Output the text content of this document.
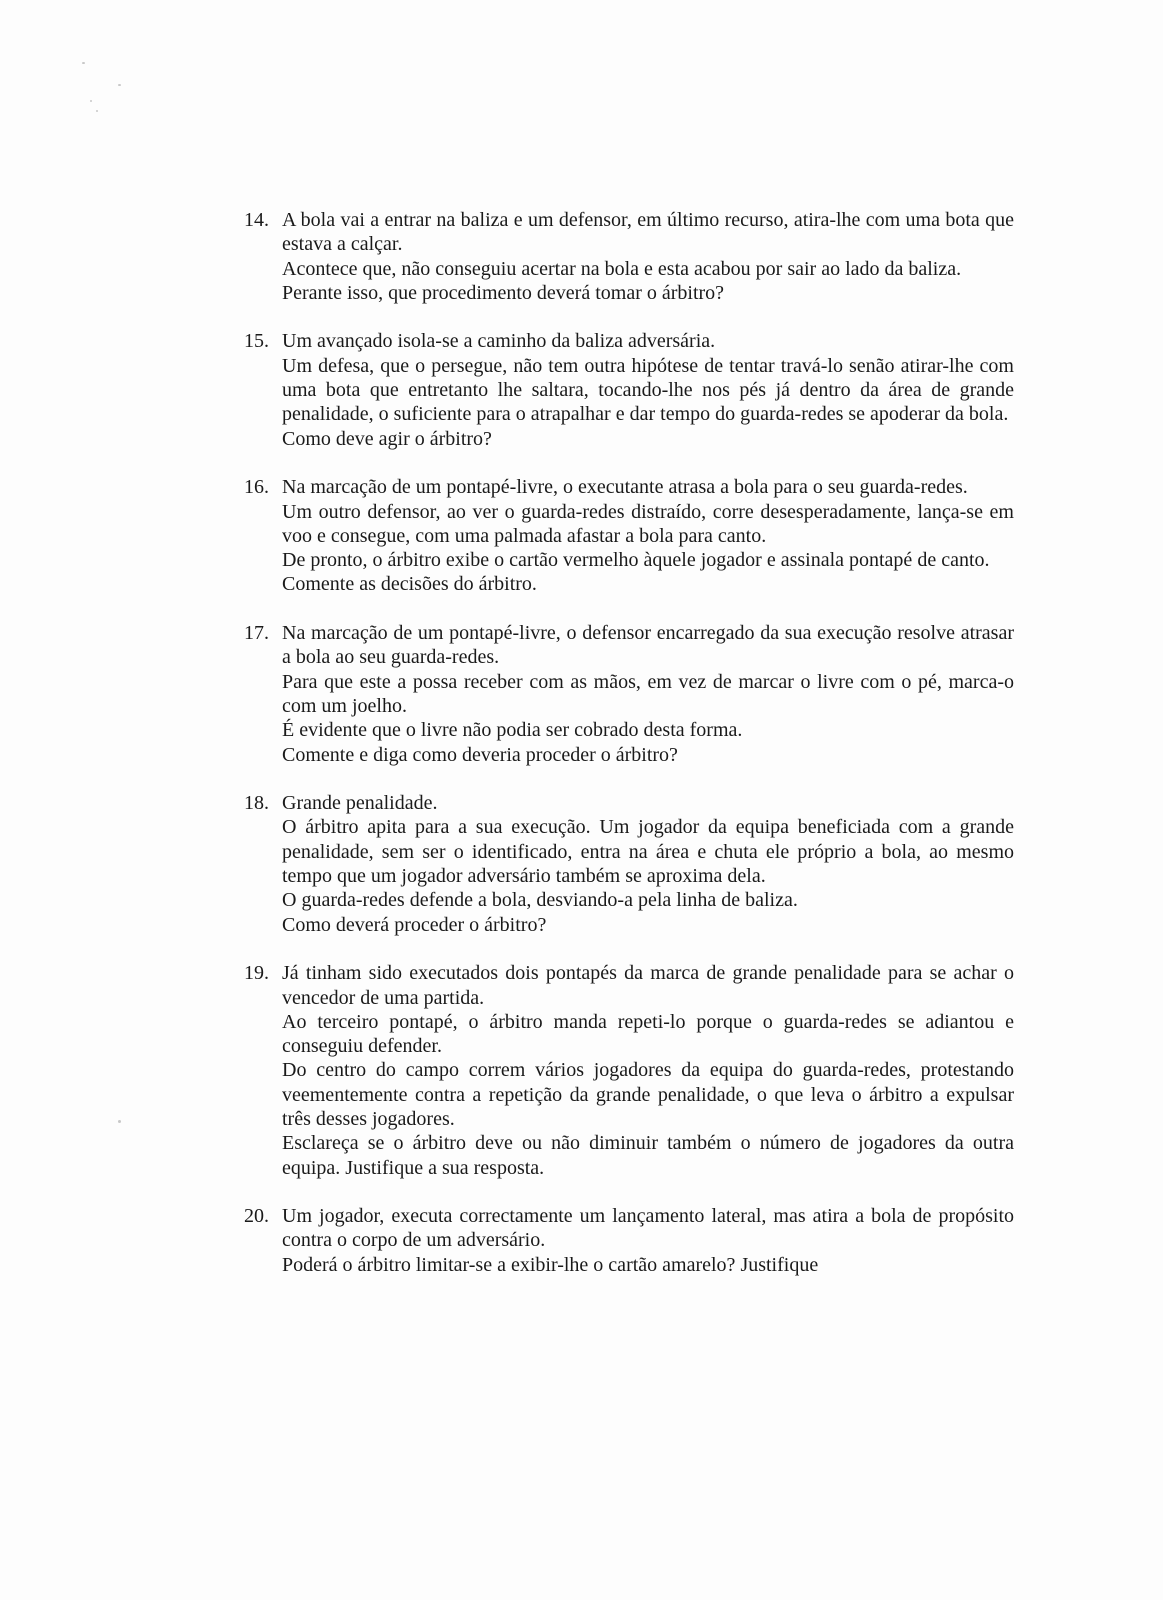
14. A bola vai a entrar na baliza e um defensor, em último recurso, atira-lhe com uma bota que estava a calçar.

Acontece que, não conseguiu acertar na bola e esta acabou por sair ao lado da baliza.

Perante isso, que procedimento deverá tomar o árbitro?

15. Um avançado isola-se a caminho da baliza adversária.

Um defesa, que o persegue, não tem outra hipótese de tentar travá-lo senão atirar-lhe com uma bota que entretanto lhe saltara, tocando-lhe nos pés já dentro da área de grande penalidade, o suficiente para o atrapalhar e dar tempo do guarda-redes se apoderar da bola.

Como deve agir o árbitro?

16. Na marcação de um pontapé-livre, o executante atrasa a bola para o seu guarda-redes.

Um outro defensor, ao ver o guarda-redes distraído, corre desesperadamente, lança-se em voo e consegue, com uma palmada afastar a bola para canto.

De pronto, o árbitro exibe o cartão vermelho àquele jogador e assinala pontapé de canto.

Comente as decisões do árbitro.

17. Na marcação de um pontapé-livre, o defensor encarregado da sua execução resolve atrasar a bola ao seu guarda-redes.

Para que este a possa receber com as mãos, em vez de marcar o livre com o pé, marca-o com um joelho.

É evidente que o livre não podia ser cobrado desta forma.

Comente e diga como deveria proceder o árbitro?

18. Grande penalidade.

O árbitro apita para a sua execução. Um jogador da equipa beneficiada com a grande penalidade, sem ser o identificado, entra na área e chuta ele próprio a bola, ao mesmo tempo que um jogador adversário também se aproxima dela.

O guarda-redes defende a bola, desviando-a pela linha de baliza.

Como deverá proceder o árbitro?

19. Já tinham sido executados dois pontapés da marca de grande penalidade para se achar o vencedor de uma partida.

Ao terceiro pontapé, o árbitro manda repeti-lo porque o guarda-redes se adiantou e conseguiu defender.

Do centro do campo correm vários jogadores da equipa do guarda-redes, protestando veementemente contra a repetição da grande penalidade, o que leva o árbitro a expulsar três desses jogadores.

Esclareça se o árbitro deve ou não diminuir também o número de jogadores da outra equipa. Justifique a sua resposta.

20. Um jogador, executa correctamente um lançamento lateral, mas atira a bola de propósito contra o corpo de um adversário.

Poderá o árbitro limitar-se a exibir-lhe o cartão amarelo? Justifique
